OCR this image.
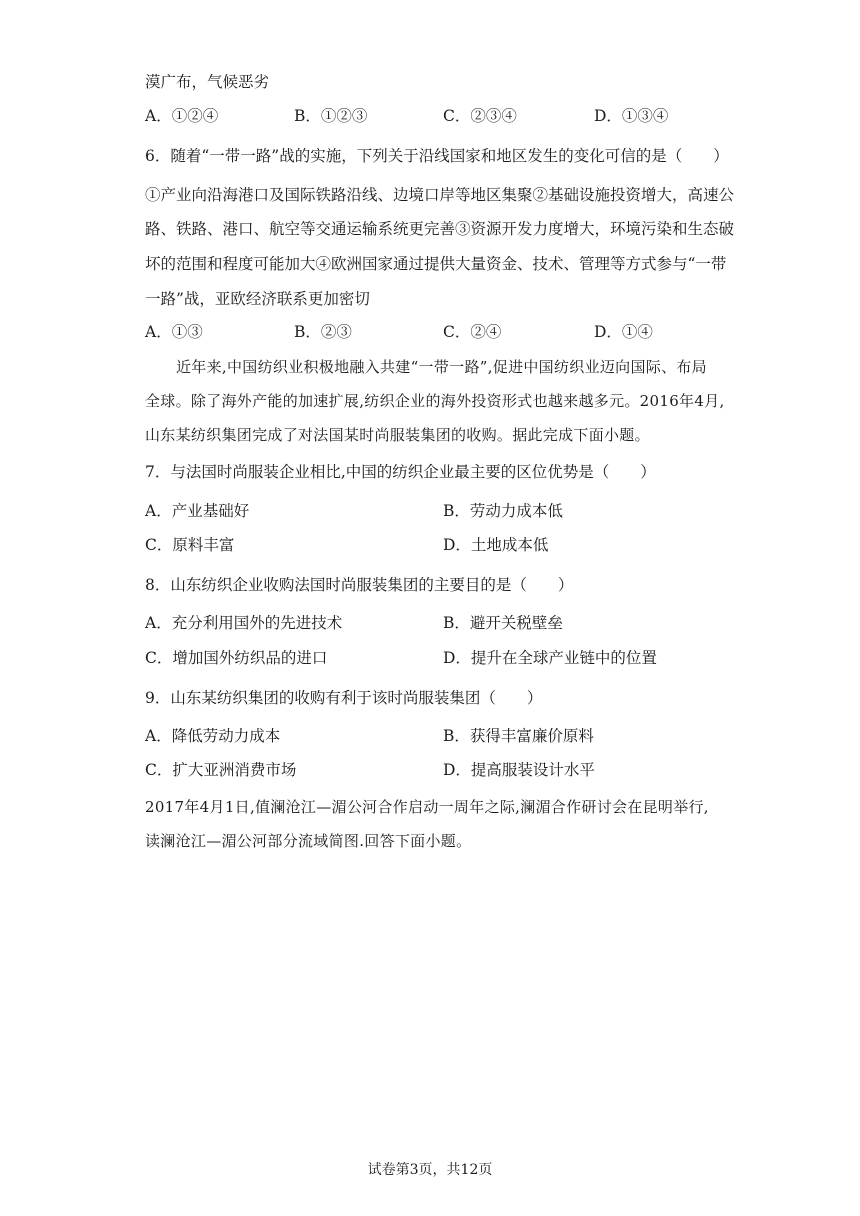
漠广布，气候恶劣
A．①②④	B．①②③	C．②③④	D．①③④
6．随着“一带一路”战的实施，下列关于沿线国家和地区发生的变化可信的是（　　）
①产业向沿海港口及国际铁路沿线、边境口岸等地区集聚②基础设施投资增大，高速公
路、铁路、港口、航空等交通运输系统更完善③资源开发力度增大，环境污染和生态破
坏的范围和程度可能加大④欧洲国家通过提供大量资金、技术、管理等方式参与“一带
一路”战，亚欧经济联系更加密切
A．①③	B．②③	C．②④	D．①④
近年来,中国纺织业积极地融入共建“一带一路”,促进中国纺织业迈向国际、布局
全球。除了海外产能的加速扩展,纺织企业的海外投资形式也越来越多元。2016年4月,
山东某纺织集团完成了对法国某时尚服装集团的收购。据此完成下面小题。
7．与法国时尚服装企业相比,中国的纺织企业最主要的区位优势是（　　）
A．产业基础好	B．劳动力成本低
C．原料丰富	D．土地成本低
8．山东纺织企业收购法国时尚服装集团的主要目的是（　　）
A．充分利用国外的先进技术	B．避开关税壁垒
C．增加国外纺织品的进口	D．提升在全球产业链中的位置
9．山东某纺织集团的收购有利于该时尚服装集团（　　）
A．降低劳动力成本	B．获得丰富廉价原料
C．扩大亚洲消费市场	D．提高服装设计水平
2017年4月1日,值澜沧江—湄公河合作启动一周年之际,澜湄合作研讨会在昆明举行,
读澜沧江—湄公河部分流域简图.回答下面小题。
试卷第3页，共12页
